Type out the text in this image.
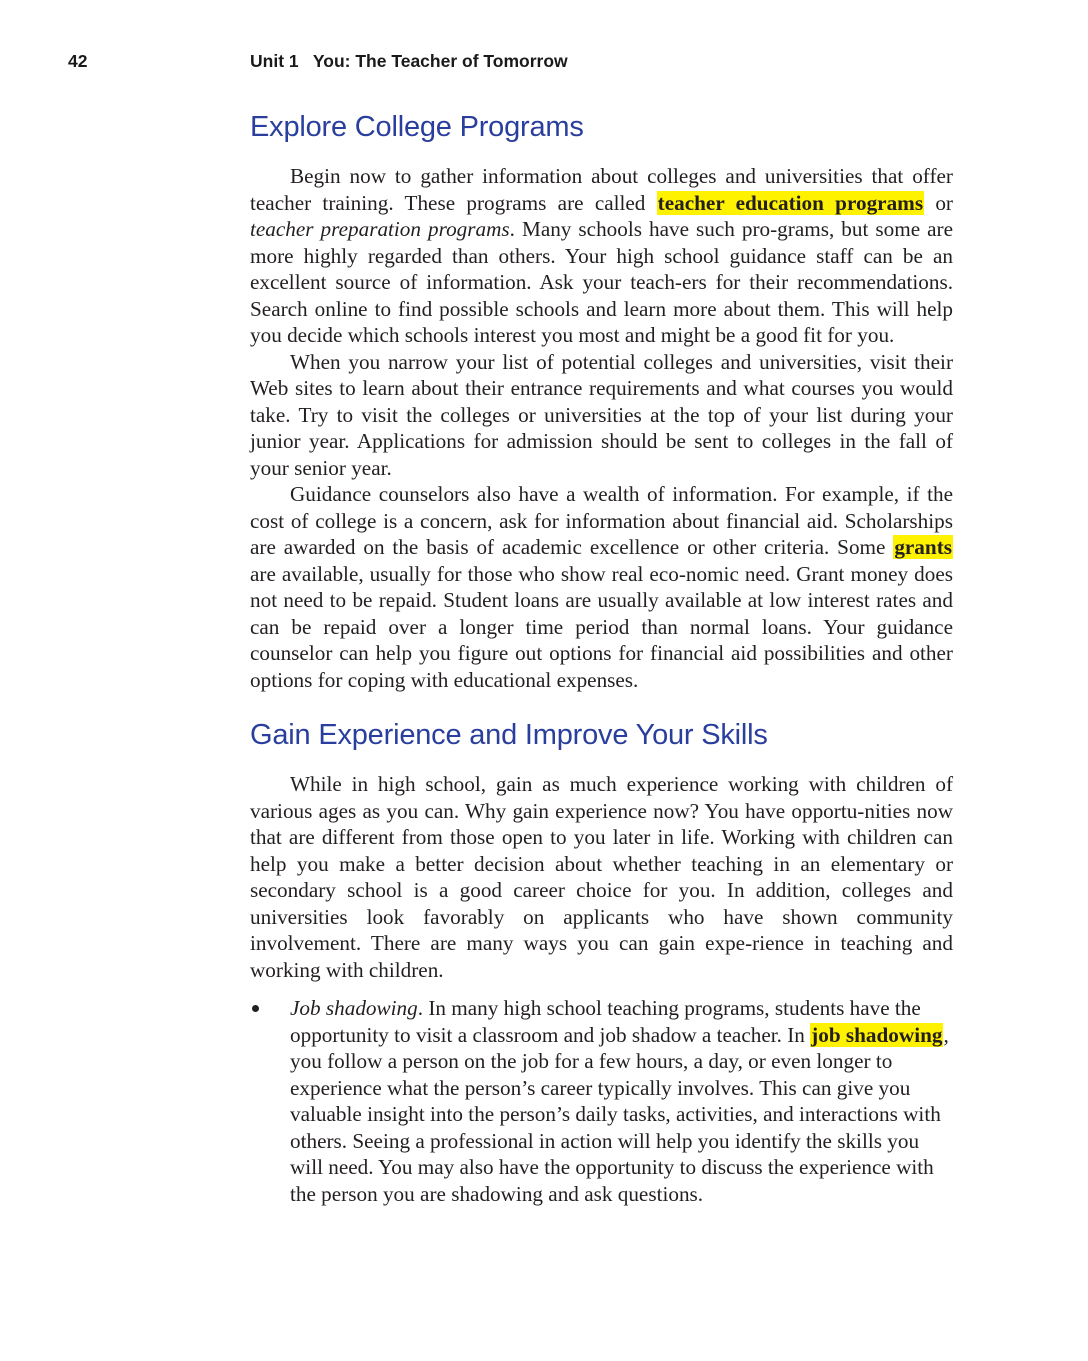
42	Unit 1 You: The Teacher of Tomorrow
Explore College Programs

Begin now to gather information about colleges and universities that offer teacher training. These programs are called teacher education programs or teacher preparation programs. Many schools have such pro-grams, but some are more highly regarded than others. Your high school guidance staff can be an excellent source of information. Ask your teach-ers for their recommendations. Search online to find possible schools and learn more about them. This will help you decide which schools interest you most and might be a good fit for you.

When you narrow your list of potential colleges and universities, visit their Web sites to learn about their entrance requirements and what courses you would take. Try to visit the colleges or universities at the top of your list during your junior year. Applications for admission should be sent to colleges in the fall of your senior year.

Guidance counselors also have a wealth of information. For example, if the cost of college is a concern, ask for information about financial aid. Scholarships are awarded on the basis of academic excellence or other criteria. Some grants are available, usually for those who show real eco-nomic need. Grant money does not need to be repaid. Student loans are usually available at low interest rates and can be repaid over a longer time period than normal loans. Your guidance counselor can help you figure out options for financial aid possibilities and other options for coping with educational expenses.

Gain Experience and Improve Your Skills

While in high school, gain as much experience working with children of various ages as you can. Why gain experience now? You have opportu-nities now that are different from those open to you later in life. Working with children can help you make a better decision about whether teaching in an elementary or secondary school is a good career choice for you. In addition, colleges and universities look favorably on applicants who have shown community involvement. There are many ways you can gain expe-rience in teaching and working with children.

Job shadowing. In many high school teaching programs, students have the opportunity to visit a classroom and job shadow a teacher. In job shadowing, you follow a person on the job for a few hours, a day, or even longer to experience what the person’s career typically involves. This can give you valuable insight into the person’s daily tasks, activities, and interactions with others. Seeing a professional in action will help you identify the skills you will need. You may also have the opportunity to discuss the experience with the person you are shadowing and ask questions.
